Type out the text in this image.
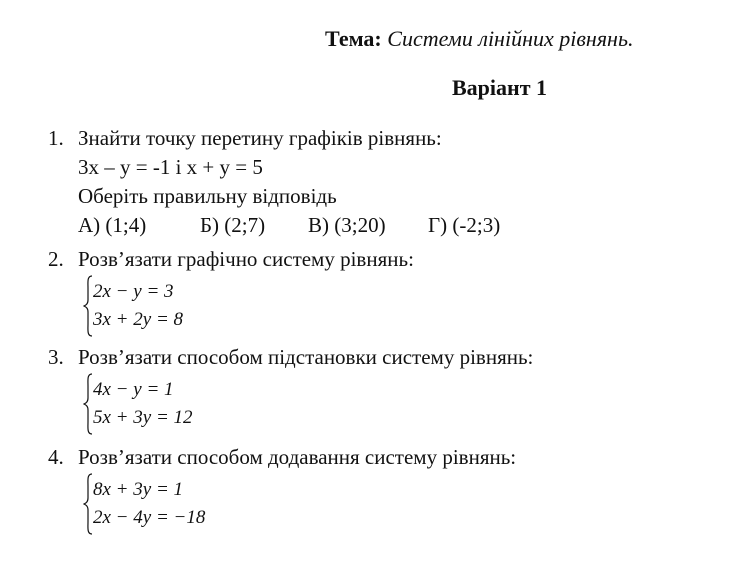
Тема: Системи лінійних рівнянь.
Варіант 1
1. Знайти точку перетину графіків рівнянь:
3x – y = -1 і x + y = 5
Оберіть правильну відповідь
А) (1;4)	Б) (2;7) В) (3;20) Г) (-2;3)
2. Розв’язати графічно систему рівнянь:
2x − y = 3
3x + 2y = 8
3. Розв’язати способом підстановки систему рівнянь:
4x − y = 1
5x + 3y = 12
4. Розв’язати способом додавання систему рівнянь:
8x + 3y = 1
2x − 4y = −18
